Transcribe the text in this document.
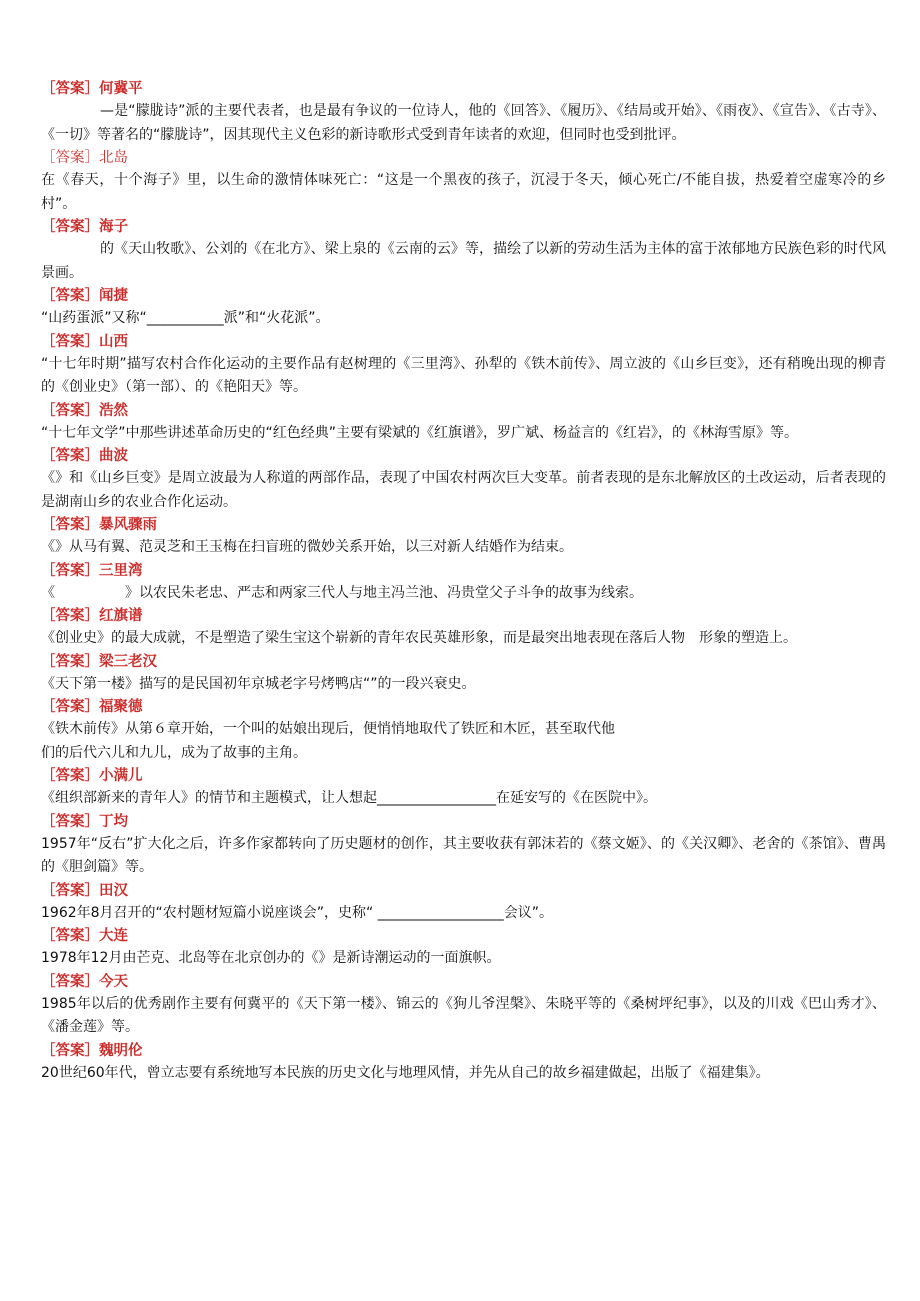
［答案］何冀平
—是“朦胧诗”派的主要代表者，也是最有争议的一位诗人，他的《回答》、《履历》、《结局或开始》、《雨夜》、《宣告》、《古寺》、《一切》等著名的“朦胧诗”，因其现代主义色彩的新诗歌形式受到青年读者的欢迎，但同时也受到批评。
［答案］北岛
在《春天，十个海子》里，以生命的激情体味死亡：“这是一个黑夜的孩子，沉浸于冬天，倾心死亡/不能自拔，热爱着空虚寒冷的乡村”。
［答案］海子
的《天山牧歌》、公刘的《在北方》、梁上泉的《云南的云》等，描绘了以新的劳动生活为主体的富于浓郁地方民族色彩的时代风景画。
［答案］闻捷
“山药蛋派”又称“___________派”和“火花派”。
［答案］山西
“十七年时期”描写农村合作化运动的主要作品有赵树理的《三里湾》、孙犁的《铁木前传》、周立波的《山乡巨变》，还有稍晚出现的柳青的《创业史》（第一部）、的《艳阳天》等。
［答案］浩然
“十七年文学”中那些讲述革命历史的“红色经典”主要有梁斌的《红旗谱》，罗广斌、杨益言的《红岩》，的《林海雪原》等。
［答案］曲波
《》和《山乡巨变》是周立波最为人称道的两部作品，表现了中国农村两次巨大变革。前者表现的是东北解放区的土改运动，后者表现的是湖南山乡的农业合作化运动。
［答案］暴风骤雨
《》从马有翼、范灵芝和王玉梅在扫盲班的微妙关系开始，以三对新人结婚作为结束。
［答案］三里湾
《　　　　　》以农民朱老忠、严志和两家三代人与地主冯兰池、冯贵堂父子斗争的故事为线索。
［答案］红旗谱
《创业史》的最大成就，不是塑造了梁生宝这个崭新的青年农民英雄形象，而是最突出地表现在落后人物　形象的塑造上。
［答案］梁三老汉
《天下第一楼》描写的是民国初年京城老字号烤鸭店“”的一段兴衰史。
［答案］福聚德
《铁木前传》从第６章开始，一个叫的姑娘出现后，便悄悄地取代了铁匠和木匠，甚至取代他
们的后代六儿和九儿，成为了故事的主角。
［答案］小满儿
《组织部新来的青年人》的情节和主题模式，让人想起_________________在延安写的《在医院中》。
［答案］丁均
1957年“反右”扩大化之后，许多作家都转向了历史题材的创作，其主要收获有郭沫若的《蔡文姬》、的《关汉卿》、老舍的《茶馆》、曹禺的《胆剑篇》等。
［答案］田汉
1962年8月召开的“农村题材短篇小说座谈会”，史称“ __________________会议”。
［答案］大连
1978年12月由芒克、北岛等在北京创办的《》是新诗潮运动的一面旗帜。
［答案］今天
1985年以后的优秀剧作主要有何冀平的《天下第一楼》、锦云的《狗儿爷涅槃》、朱晓平等的《桑树坪纪事》，以及的川戏《巴山秀才》、《潘金莲》等。
［答案］魏明伦
20世纪60年代，曾立志要有系统地写本民族的历史文化与地理风情，并先从自己的故乡福建做起，出版了《福建集》。
